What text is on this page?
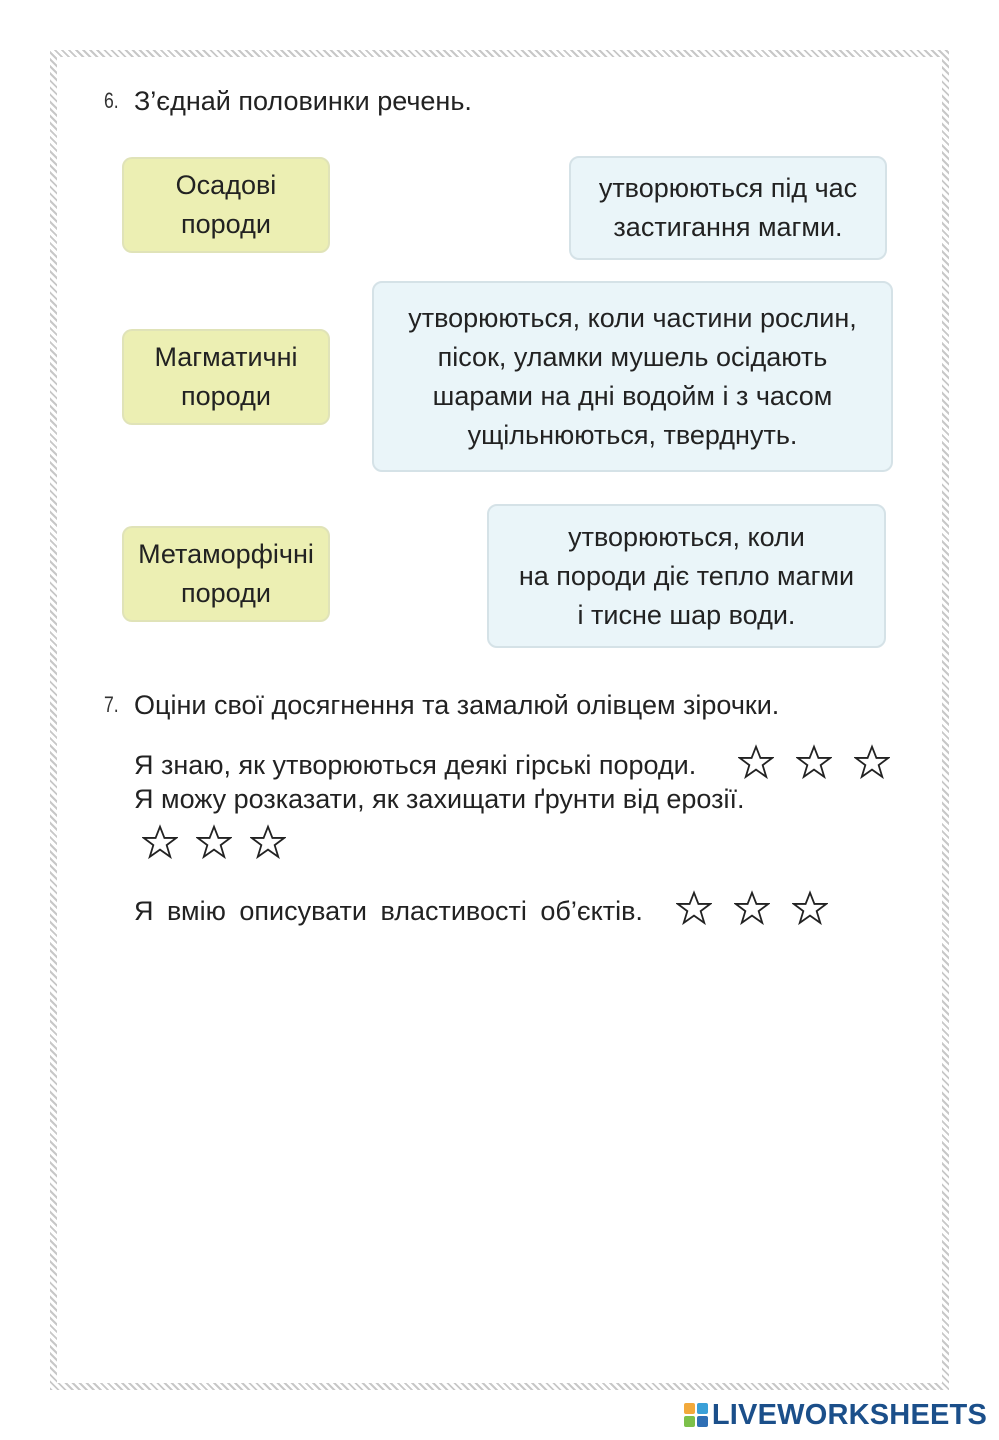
6. З’єднай половинки речень.
Осадові
породи
Магматичні
породи
Метаморфічні
породи
утворюються під час
застигання магми.
утворюються, коли частини рослин,
пісок, уламки мушель осідають
шарами на дні водойм і з часом
ущільнюються, тверднуть.
утворюються, коли
на породи діє тепло магми
і тисне шар води.
7. Оціни свої досягнення та замалюй олівцем зірочки.
Я знаю, як утворюються деякі гірські породи.
Я можу розказати, як захищати ґрунти від ерозії.
Я вмію описувати властивості об’єктів.
LIVEWORKSHEETS
